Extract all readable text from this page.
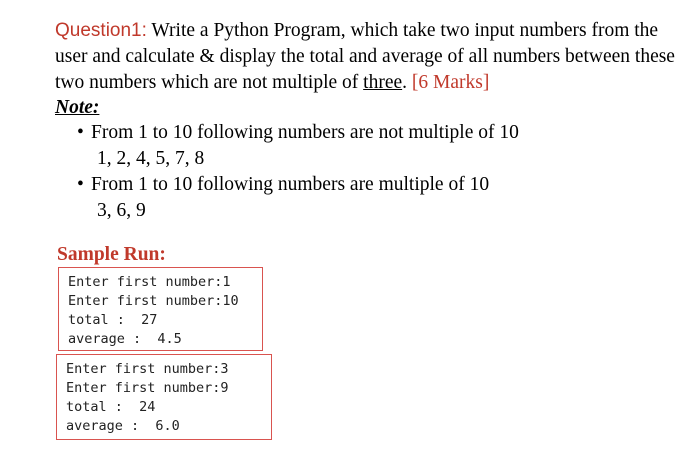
Question1: Write a Python Program, which take two input numbers from the user and calculate & display the total and average of all numbers between these two numbers which are not multiple of three. [6 Marks]

Note:

• From 1 to 10 following numbers are not multiple of 10
1, 2, 4, 5, 7, 8
• From 1 to 10 following numbers are multiple of 10
3, 6, 9

Sample Run:

Enter first number:1
Enter first number:10
total :  27
average :  4.5
Enter first number:3
Enter first number:9
total :  24
average :  6.0
